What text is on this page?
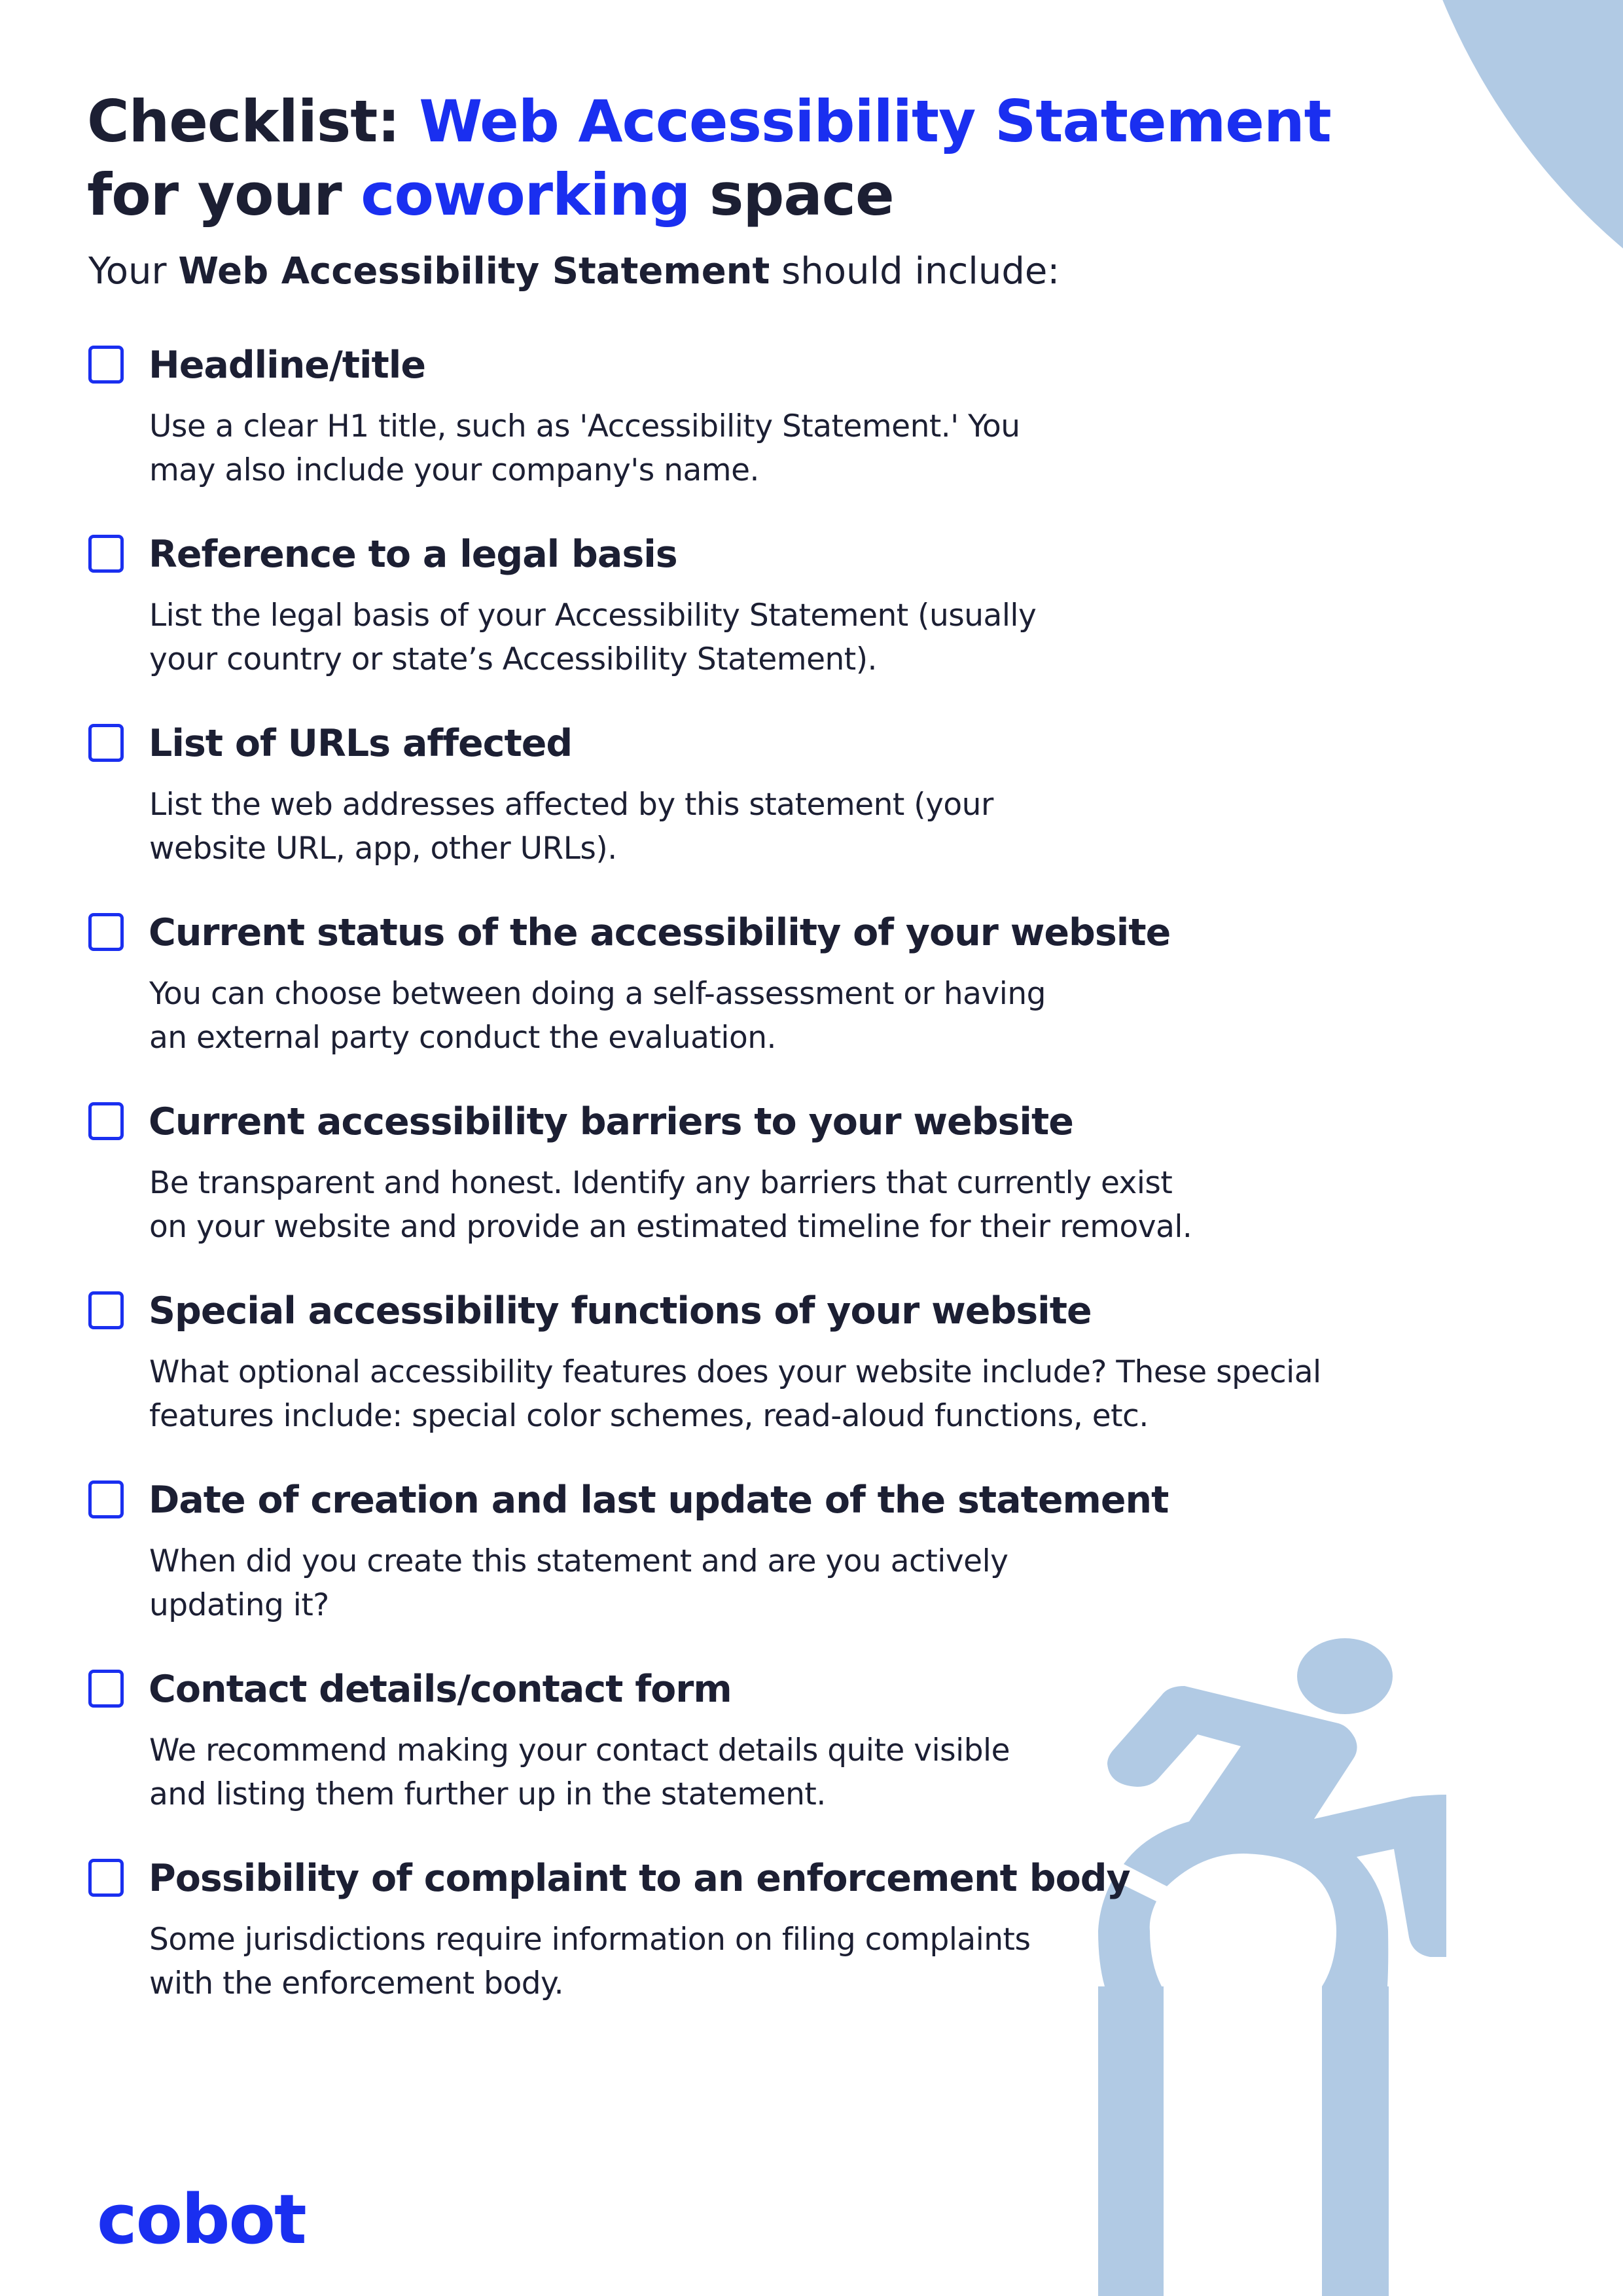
Checklist: Web Accessibility Statement
for your coworking space

Your Web Accessibility Statement should include:

Headline/title
Use a clear H1 title, such as 'Accessibility Statement.' You
may also include your company's name.
Reference to a legal basis
List the legal basis of your Accessibility Statement (usually
your country or state’s Accessibility Statement).
List of URLs affected
List the web addresses affected by this statement (your
website URL, app, other URLs).
Current status of the accessibility of your website
You can choose between doing a self-assessment or having
an external party conduct the evaluation.
Current accessibility barriers to your website
Be transparent and honest. Identify any barriers that currently exist
on your website and provide an estimated timeline for their removal.
Special accessibility functions of your website
What optional accessibility features does your website include? These special
features include: special color schemes, read-aloud functions, etc.
Date of creation and last update of the statement
When did you create this statement and are you actively
updating it?
Contact details/contact form
We recommend making your contact details quite visible
and listing them further up in the statement.
Possibility of complaint to an enforcement body
Some jurisdictions require information on filing complaints
with the enforcement body.
cobot
